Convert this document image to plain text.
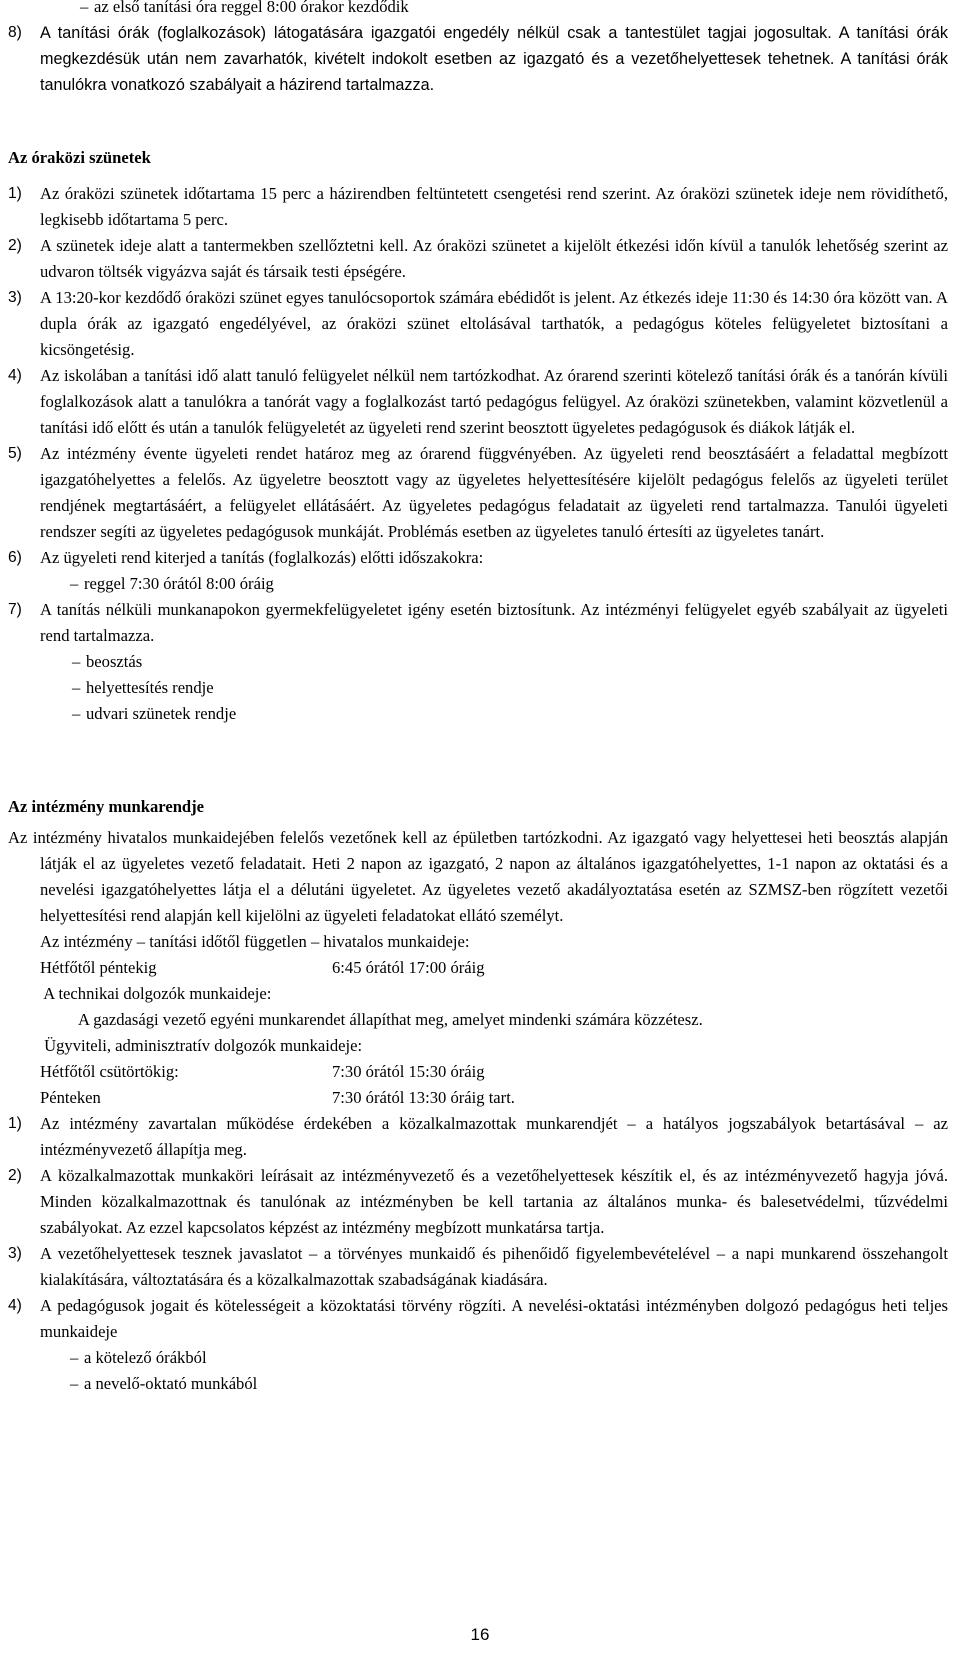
– az első tanítási óra reggel 8:00 órakor kezdődik
8) A tanítási órák (foglalkozások) látogatására igazgatói engedély nélkül csak a tantestület tagjai jogosultak. A tanítási órák megkezdésük után nem zavarhatók, kivételt indokolt esetben az igazgató és a vezetőhelyettesek tehetnek. A tanítási órák tanulókra vonatkozó szabályait a házirend tartalmazza.
Az óraközi szünetek
1) Az óraközi szünetek időtartama 15 perc a házirendben feltüntetett csengetési rend szerint. Az óraközi szünetek ideje nem rövidíthető, legkisebb időtartama 5 perc.
2) A szünetek ideje alatt a tantermekben szellőztetni kell. Az óraközi szünetet a kijelölt étkezési időn kívül a tanulók lehetőség szerint az udvaron töltsék vigyázva saját és társaik testi épségére.
3) A 13:20-kor kezdődő óraközi szünet egyes tanulócsoportok számára ebédidőt is jelent. Az étkezés ideje 11:30 és 14:30 óra között van. A dupla órák az igazgató engedélyével, az óraközi szünet eltolásával tarthatók, a pedagógus köteles felügyeletet biztosítani a kicsöngetésig.
4) Az iskolában a tanítási idő alatt tanuló felügyelet nélkül nem tartózkodhat. Az órarend szerinti kötelező tanítási órák és a tanórán kívüli foglalkozások alatt a tanulókra a tanórát vagy a foglalkozást tartó pedagógus felügyel. Az óraközi szünetekben, valamint közvetlenül a tanítási idő előtt és után a tanulók felügyeletét az ügyeleti rend szerint beosztott ügyeletes pedagógusok és diákok látják el.
5) Az intézmény évente ügyeleti rendet határoz meg az órarend függvényében. Az ügyeleti rend beosztásáért a feladattal megbízott igazgatóhelyettes a felelős. Az ügyeletre beosztott vagy az ügyeletes helyettesítésére kijelölt pedagógus felelős az ügyeleti terület rendjének megtartásáért, a felügyelet ellátásáért. Az ügyeletes pedagógus feladatait az ügyeleti rend tartalmazza. Tanulói ügyeleti rendszer segíti az ügyeletes pedagógusok munkáját. Problémás esetben az ügyeletes tanuló értesíti az ügyeletes tanárt.
6) Az ügyeleti rend kiterjed a tanítás (foglalkozás) előtti időszakokra:
– reggel 7:30 órától 8:00 óráig
7) A tanítás nélküli munkanapokon gyermekfelügyeletet igény esetén biztosítunk. Az intézményi felügyelet egyéb szabályait az ügyeleti rend tartalmazza.
– beosztás
– helyettesítés rendje
– udvari szünetek rendje
Az intézmény munkarendje
Az intézmény hivatalos munkaidejében felelős vezetőnek kell az épületben tartózkodni. Az igazgató vagy helyettesei heti beosztás alapján látják el az ügyeletes vezető feladatait. Heti 2 napon az igazgató, 2 napon az általános igazgatóhelyettes, 1-1 napon az oktatási és a nevelési igazgatóhelyettes látja el a délutáni ügyeletet. Az ügyeletes vezető akadályoztatása esetén az SZMSZ-ben rögzített vezetői helyettesítési rend alapján kell kijelölni az ügyeleti feladatokat ellátó személyt.
Az intézmény – tanítási időtől független – hivatalos munkaideje:
Hétfőtől péntekig	6:45 órától 17:00 óráig
A technikai dolgozók munkaideje:
A gazdasági vezető egyéni munkarendet állapíthat meg, amelyet mindenki számára közzétesz.
Ügyviteli, adminisztratív dolgozók munkaideje:
Hétfőtől csütörtökig:	7:30 órától 15:30 óráig
Pénteken	7:30 órától 13:30 óráig tart.
1) Az intézmény zavartalan működése érdekében a közalkalmazottak munkarendjét – a hatályos jogszabályok betartásával – az intézményvezető állapítja meg.
2) A közalkalmazottak munkaköri leírásait az intézményvezető és a vezetőhelyettesek készítik el, és az intézményvezető hagyja jóvá. Minden közalkalmazottnak és tanulónak az intézményben be kell tartania az általános munka- és balesetvédelmi, tűzvédelmi szabályokat. Az ezzel kapcsolatos képzést az intézmény megbízott munkatársa tartja.
3) A vezetőhelyettesek tesznek javaslatot – a törvényes munkaidő és pihenőidő figyelembevételével – a napi munkarend összehangolt kialakítására, változtatására és a közalkalmazottak szabadságának kiadására.
4) A pedagógusok jogait és kötelességeit a közoktatási törvény rögzíti. A nevelési-oktatási intézményben dolgozó pedagógus heti teljes munkaideje
– a kötelező órákból
– a nevelő-oktató munkából
16
